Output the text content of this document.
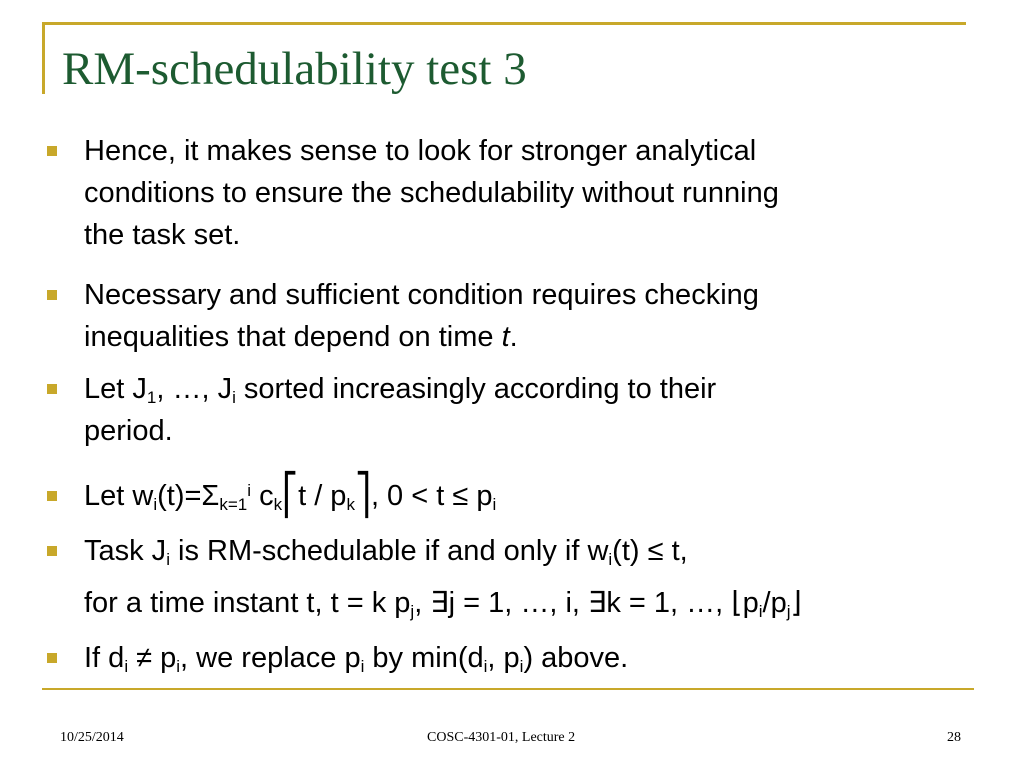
RM-schedulability test 3
Hence, it makes sense to look for stronger analytical
conditions to ensure the schedulability without running
the task set.
Necessary and sufficient condition requires checking
inequalities that depend on time t.
Let $J_1$, …, $J_i$ sorted increasingly according to their
period.
Let $w_i(t)=\Sigma_{k=1}^i$ $c_k⎡t$ / $p_k⎤$, $0 < t \le p_i$
Task $J_i$ is RM-schedulable if and only if $w_i(t) \le t$,
for a time instant t, t = k $p_j$, ∃j = 1, …, i, ∃k = 1, …, $⌊p_i/p_j⌋$
If $d_i \ne p_i$, we replace $p_i$ by $\min(d_i$, $p_i$) above.
10/25/2014	COSC-4301-01, Lecture 2	28
